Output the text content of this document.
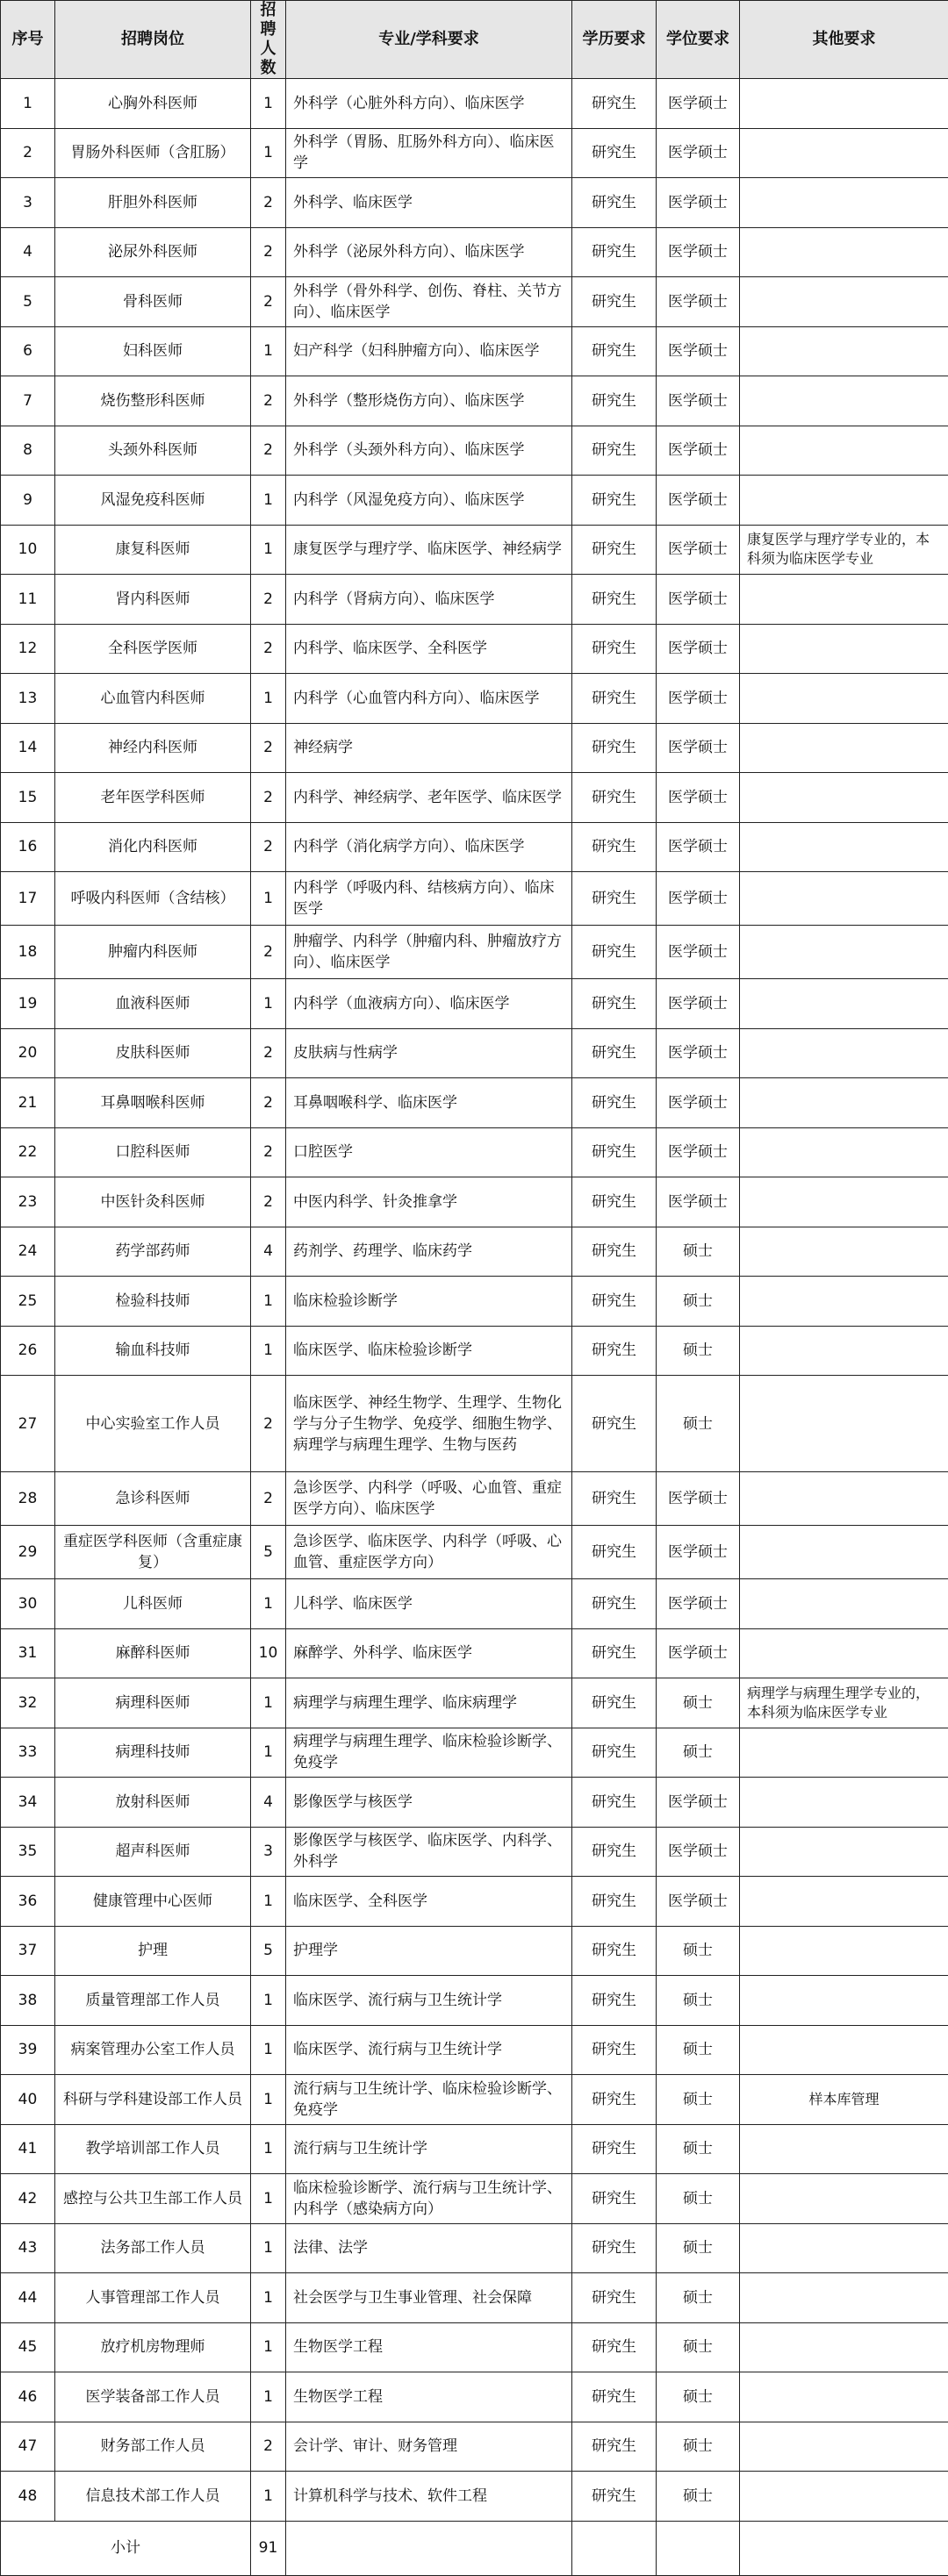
序号	招聘岗位	招聘人数	专业/学科要求	学历要求	学位要求	其他要求
1	心胸外科医师	1	外科学（心脏外科方向）、临床医学	研究生	医学硕士	
2	胃肠外科医师（含肛肠）	1	外科学（胃肠、肛肠外科方向）、临床医学	研究生	医学硕士	
3	肝胆外科医师	2	外科学、临床医学	研究生	医学硕士	
4	泌尿外科医师	2	外科学（泌尿外科方向）、临床医学	研究生	医学硕士	
5	骨科医师	2	外科学（骨外科学、创伤、脊柱、关节方向）、临床医学	研究生	医学硕士	
6	妇科医师	1	妇产科学（妇科肿瘤方向）、临床医学	研究生	医学硕士	
7	烧伤整形科医师	2	外科学（整形烧伤方向）、临床医学	研究生	医学硕士	
8	头颈外科医师	2	外科学（头颈外科方向）、临床医学	研究生	医学硕士	
9	风湿免疫科医师	1	内科学（风湿免疫方向）、临床医学	研究生	医学硕士	
10	康复科医师	1	康复医学与理疗学、临床医学、神经病学	研究生	医学硕士	康复医学与理疗学专业的，本科须为临床医学专业
11	肾内科医师	2	内科学（肾病方向）、临床医学	研究生	医学硕士	
12	全科医学医师	2	内科学、临床医学、全科医学	研究生	医学硕士	
13	心血管内科医师	1	内科学（心血管内科方向）、临床医学	研究生	医学硕士	
14	神经内科医师	2	神经病学	研究生	医学硕士	
15	老年医学科医师	2	内科学、神经病学、老年医学、临床医学	研究生	医学硕士	
16	消化内科医师	2	内科学（消化病学方向）、临床医学	研究生	医学硕士	
17	呼吸内科医师（含结核）	1	内科学（呼吸内科、结核病方向）、临床医学	研究生	医学硕士	
18	肿瘤内科医师	2	肿瘤学、内科学（肿瘤内科、肿瘤放疗方向）、临床医学	研究生	医学硕士	
19	血液科医师	1	内科学（血液病方向）、临床医学	研究生	医学硕士	
20	皮肤科医师	2	皮肤病与性病学	研究生	医学硕士	
21	耳鼻咽喉科医师	2	耳鼻咽喉科学、临床医学	研究生	医学硕士	
22	口腔科医师	2	口腔医学	研究生	医学硕士	
23	中医针灸科医师	2	中医内科学、针灸推拿学	研究生	医学硕士	
24	药学部药师	4	药剂学、药理学、临床药学	研究生	硕士	
25	检验科技师	1	临床检验诊断学	研究生	硕士	
26	输血科技师	1	临床医学、临床检验诊断学	研究生	硕士	
27	中心实验室工作人员	2	临床医学、神经生物学、生理学、生物化学与分子生物学、免疫学、细胞生物学、病理学与病理生理学、生物与医药	研究生	硕士	
28	急诊科医师	2	急诊医学、内科学（呼吸、心血管、重症医学方向）、临床医学	研究生	医学硕士	
29	重症医学科医师（含重症康复）	5	急诊医学、临床医学、内科学（呼吸、心血管、重症医学方向）	研究生	医学硕士	
30	儿科医师	1	儿科学、临床医学	研究生	医学硕士	
31	麻醉科医师	10	麻醉学、外科学、临床医学	研究生	医学硕士	
32	病理科医师	1	病理学与病理生理学、临床病理学	研究生	硕士	病理学与病理生理学专业的，本科须为临床医学专业
33	病理科技师	1	病理学与病理生理学、临床检验诊断学、免疫学	研究生	硕士	
34	放射科医师	4	影像医学与核医学	研究生	医学硕士	
35	超声科医师	3	影像医学与核医学、临床医学、内科学、外科学	研究生	医学硕士	
36	健康管理中心医师	1	临床医学、全科医学	研究生	医学硕士	
37	护理	5	护理学	研究生	硕士	
38	质量管理部工作人员	1	临床医学、流行病与卫生统计学	研究生	硕士	
39	病案管理办公室工作人员	1	临床医学、流行病与卫生统计学	研究生	硕士	
40	科研与学科建设部工作人员	1	流行病与卫生统计学、临床检验诊断学、免疫学	研究生	硕士	样本库管理
41	教学培训部工作人员	1	流行病与卫生统计学	研究生	硕士	
42	感控与公共卫生部工作人员	1	临床检验诊断学、流行病与卫生统计学、内科学（感染病方向）	研究生	硕士	
43	法务部工作人员	1	法律、法学	研究生	硕士	
44	人事管理部工作人员	1	社会医学与卫生事业管理、社会保障	研究生	硕士	
45	放疗机房物理师	1	生物医学工程	研究生	硕士	
46	医学装备部工作人员	1	生物医学工程	研究生	硕士	
47	财务部工作人员	2	会计学、审计、财务管理	研究生	硕士	
48	信息技术部工作人员	1	计算机科学与技术、软件工程	研究生	硕士	
小计		91				
